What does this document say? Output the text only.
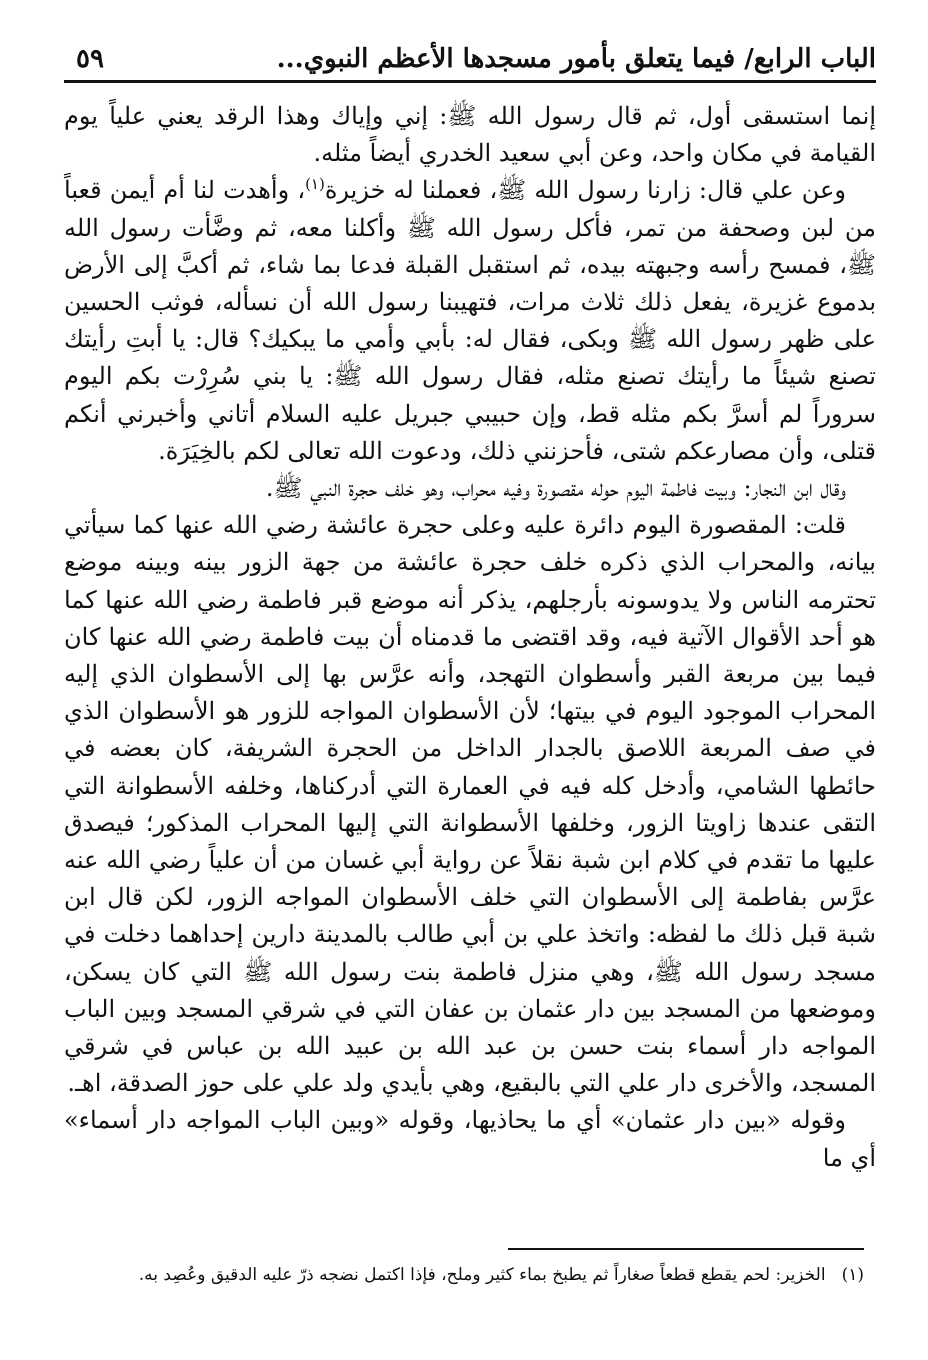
الباب الرابع/ فيما يتعلق بأمور مسجدها الأعظم النبوي...
٥٩

إنما استسقى أول، ثم قال رسول الله ﷺ: إني وإياك وهذا الرقد يعني علياً يوم القيامة في مكان واحد، وعن أبي سعيد الخدري أيضاً مثله.

وعن علي قال: زارنا رسول الله ﷺ، فعملنا له خزيرة$^{(١)}$، وأهدت لنا أم أيمن قعباً من لبن وصحفة من تمر، فأكل رسول الله ﷺ وأكلنا معه، ثم وضَّأت رسول الله ﷺ، فمسح رأسه وجبهته بيده، ثم استقبل القبلة فدعا بما شاء، ثم أكبَّ إلى الأرض بدموع غزيرة، يفعل ذلك ثلاث مرات، فتهيبنا رسول الله أن نسأله، فوثب الحسين على ظهر رسول الله ﷺ وبكى، فقال له: بأبي وأمي ما يبكيك؟ قال: يا أبتِ رأيتك تصنع شيئاً ما رأيتك تصنع مثله، فقال رسول الله ﷺ: يا بني سُرِرْت بكم اليوم سروراً لم أسرَّ بكم مثله قط، وإن حبيبي جبريل عليه السلام أتاني وأخبرني أنكم قتلى، وأن مصارعكم شتى، فأحزنني ذلك، ودعوت الله تعالى لكم بالخِيَرَة.

وقال ابن النجار: وبيت فاطمة اليوم حوله مقصورة وفيه محراب، وهو خلف حجرة النبي ﷺ.

قلت: المقصورة اليوم دائرة عليه وعلى حجرة عائشة رضي الله عنها كما سيأتي بيانه، والمحراب الذي ذكره خلف حجرة عائشة من جهة الزور بينه وبينه موضع تحترمه الناس ولا يدوسونه بأرجلهم، يذكر أنه موضع قبر فاطمة رضي الله عنها كما هو أحد الأقوال الآتية فيه، وقد اقتضى ما قدمناه أن بيت فاطمة رضي الله عنها كان فيما بين مربعة القبر وأسطوان التهجد، وأنه عرَّس بها إلى الأسطوان الذي إليه المحراب الموجود اليوم في بيتها؛ لأن الأسطوان المواجه للزور هو الأسطوان الذي في صف المربعة اللاصق بالجدار الداخل من الحجرة الشريفة، كان بعضه في حائطها الشامي، وأدخل كله فيه في العمارة التي أدركناها، وخلفه الأسطوانة التي التقى عندها زاويتا الزور، وخلفها الأسطوانة التي إليها المحراب المذكور؛ فيصدق عليها ما تقدم في كلام ابن شبة نقلاً عن رواية أبي غسان من أن علياً رضي الله عنه عرَّس بفاطمة إلى الأسطوان التي خلف الأسطوان المواجه الزور، لكن قال ابن شبة قبل ذلك ما لفظه: واتخذ علي بن أبي طالب بالمدينة دارين إحداهما دخلت في مسجد رسول الله ﷺ، وهي منزل فاطمة بنت رسول الله ﷺ التي كان يسكن، وموضعها من المسجد بين دار عثمان بن عفان التي في شرقي المسجد وبين الباب المواجه دار أسماء بنت حسن بن عبد الله بن عبيد الله بن عباس في شرقي المسجد، والأخرى دار علي التي بالبقيع، وهي بأيدي ولد علي على حوز الصدقة، اهـ.

وقوله «بين دار عثمان» أي ما يحاذيها، وقوله «وبين الباب المواجه دار أسماء» أي ما

(١)الخزير: لحم يقطع قطعاً صغاراً ثم يطبخ بماء كثير وملح، فإذا اكتمل نضجه ذرّ عليه الدقيق وعُصِد به.
